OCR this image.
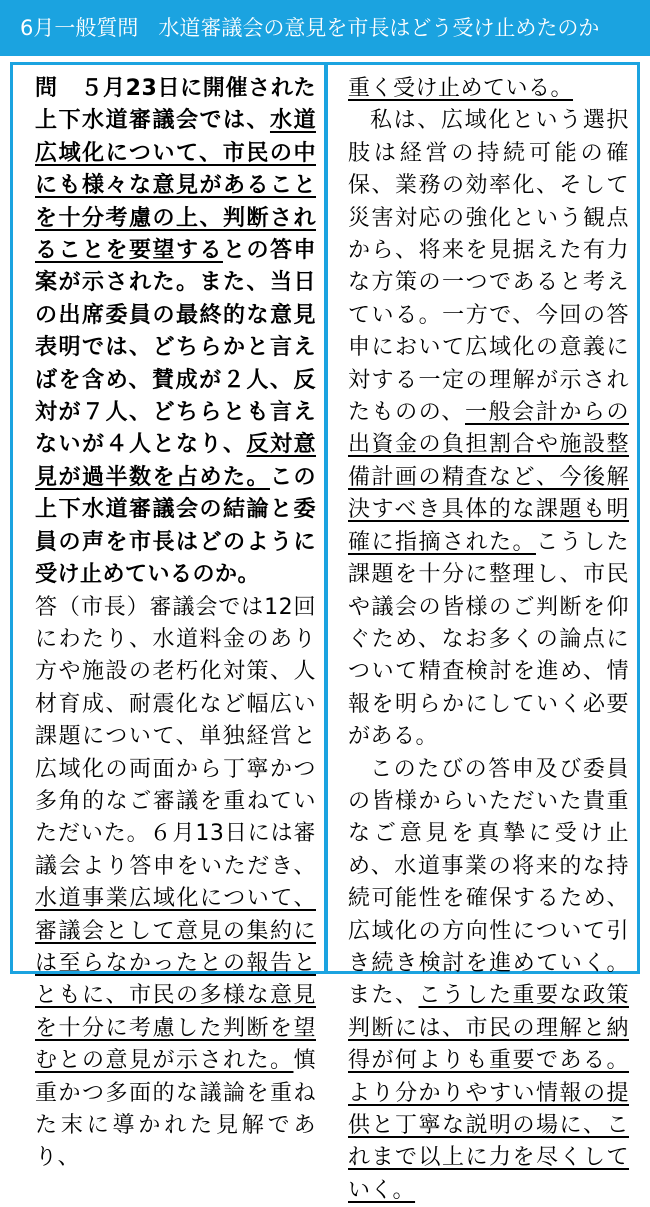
6月一般質問 水道審議会の意見を市長はどう受け止めたのか

問　５月23日に開催された上下水道審議会では、水道広域化について、市民の中にも様々な意見があることを十分考慮の上、判断されることを要望するとの答申案が示された。また、当日の出席委員の最終的な意見表明では、どちらかと言えばを含め、賛成が２人、反対が７人、どちらとも言えないが４人となり、反対意見が過半数を占めた。この上下水道審議会の結論と委員の声を市長はどのように受け止めているのか。

答（市長）審議会では12回にわたり、水道料金のあり方や施設の老朽化対策、人材育成、耐震化など幅広い課題について、単独経営と広域化の両面から丁寧かつ多角的なご審議を重ねていただいた。６月13日には審議会より答申をいただき、水道事業広域化について、審議会として意見の集約には至らなかったとの報告とともに、市民の多様な意見を十分に考慮した判断を望むとの意見が示された。慎重かつ多面的な議論を重ねた末に導かれた見解であり、

重く受け止めている。

私は、広域化という選択肢は経営の持続可能の確保、業務の効率化、そして災害対応の強化という観点から、将来を見据えた有力な方策の一つであると考えている。一方で、今回の答申において広域化の意義に対する一定の理解が示されたものの、一般会計からの出資金の負担割合や施設整備計画の精査など、今後解決すべき具体的な課題も明確に指摘された。こうした課題を十分に整理し、市民や議会の皆様のご判断を仰ぐため、なお多くの論点について精査検討を進め、情報を明らかにしていく必要がある。

このたびの答申及び委員の皆様からいただいた貴重なご意見を真摯に受け止め、水道事業の将来的な持続可能性を確保するため、広域化の方向性について引き続き検討を進めていく。また、こうした重要な政策判断には、市民の理解と納得が何よりも重要である。より分かりやすい情報の提供と丁寧な説明の場に、これまで以上に力を尽くしていく。
